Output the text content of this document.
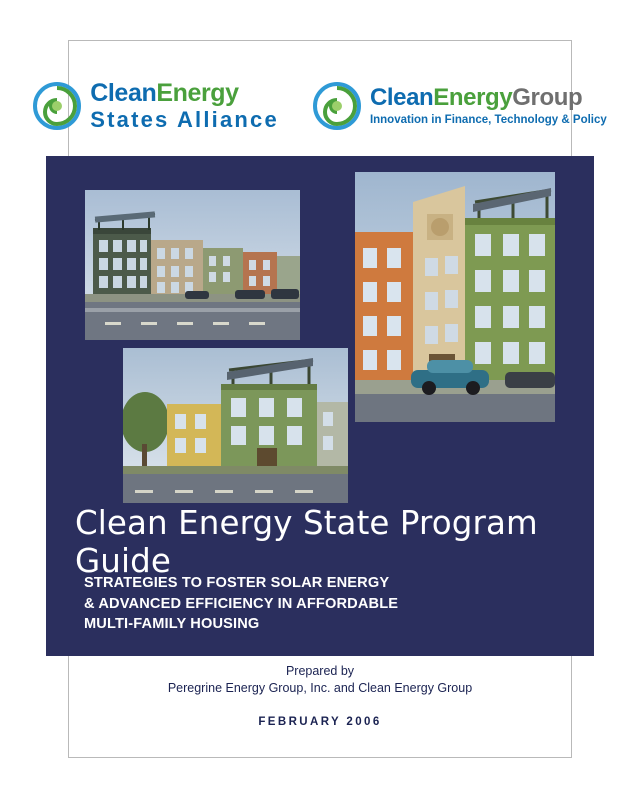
CleanEnergy
States Alliance
CleanEnergyGroup
Innovation in Finance, Technology & Policy
Clean Energy State Program Guide
STRATEGIES TO FOSTER SOLAR ENERGY
& ADVANCED EFFICIENCY IN AFFORDABLE
MULTI-FAMILY HOUSING
Prepared by
Peregrine Energy Group, Inc. and Clean Energy Group
FEBRUARY 2006
